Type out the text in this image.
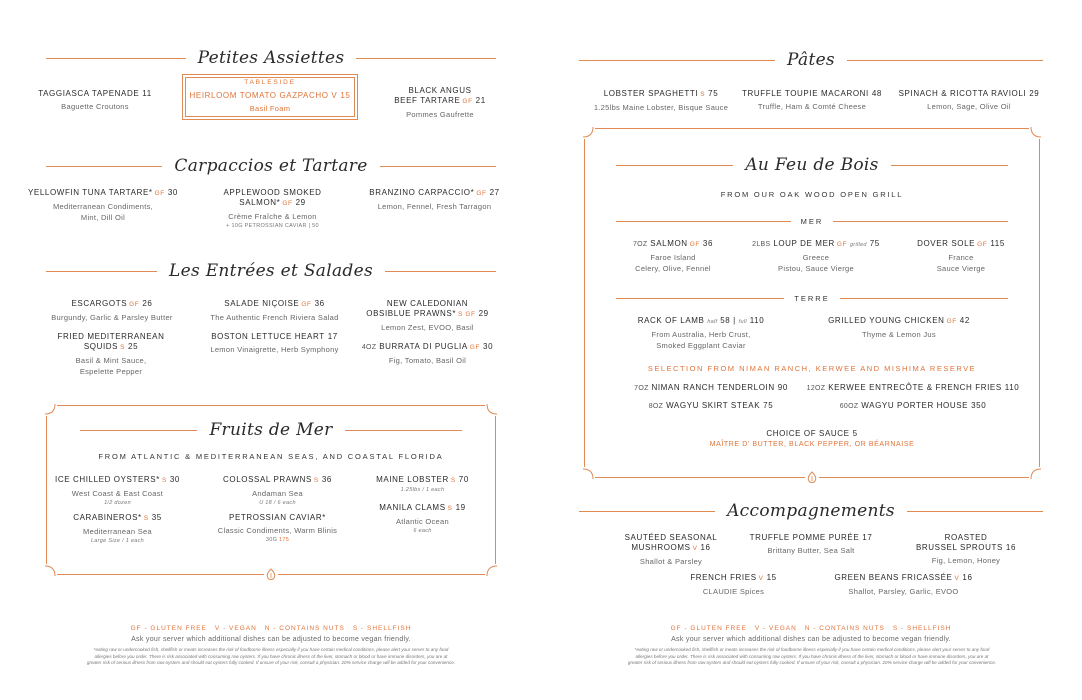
Petites Assiettes
TAGGIASCA TAPENADE 11
Baguette Croutons
TABLESIDE
HEIRLOOM TOMATO GAZPACHO V 15
Basil Foam
BLACK ANGUS
BEEF TARTARE GF 21
Pommes Gaufrette
Carpaccios et Tartare
YELLOWFIN TUNA TARTARE* GF 30
Mediterranean Condiments,
Mint, Dill Oil
APPLEWOOD SMOKED
SALMON* GF 29
Crème Fraîche & Lemon
+ 10G PETROSSIAN CAVIAR | 50
BRANZINO CARPACCIO* GF 27
Lemon, Fennel, Fresh Tarragon
Les Entrées et Salades
ESCARGOTS GF 26
Burgundy, Garlic & Parsley Butter
SALADE NIÇOISE GF 36
The Authentic French Riviera Salad
NEW CALEDONIAN
OBSIBLUE PRAWNS* S GF 29
Lemon Zest, EVOO, Basil
FRIED MEDITERRANEAN SQUIDS S 25
Basil & Mint Sauce,
Espelette Pepper
BOSTON LETTUCE HEART 17
Lemon Vinaigrette, Herb Symphony	4OZ BURRATA DI PUGLIA GF 30
Fig, Tomato, Basil Oil
Fruits de Mer
FROM ATLANTIC & MEDITERRANEAN SEAS, AND COASTAL FLORIDA
ICE CHILLED OYSTERS* S 30
West Coast & East Coast
1/2 dozen
COLOSSAL PRAWNS S 36
Andaman Sea
U 18 / 6 each
MAINE LOBSTER S 70
1.25lbs / 1 each
CARABINEROS* S 35
Mediterranean Sea
Large Size / 1 each
PETROSSIAN CAVIAR*
Classic Condiments, Warm Blinis
30G 175
MANILA CLAMS S 19
Atlantic Ocean
6 each
GF - GLUTEN FREE V - VEGAN N - CONTAINS NUTS S - SHELLFISH
Ask your server which additional dishes can be adjusted to become vegan friendly.
*eating raw or undercooked fish, shellfish or meats increases the risk of foodborne illness especially if you have certain medical conditions, please alert your server to any food
allergies before you order. There is risk associated with consuming raw oysters. If you have chronic illness of the liver, stomach or blood or have immune disorders, you are at
greater risk of serious illness from raw oysters and should eat oysters fully cooked. If unsure of your risk, consult a physician. 20% service charge will be added for your convenience.
Pâtes
LOBSTER SPAGHETTI S 75
1.25lbs Maine Lobster, Bisque Sauce
TRUFFLE TOUPIE MACARONI 48
Truffle, Ham & Comté Cheese
SPINACH & RICOTTA RAVIOLI 29
Lemon, Sage, Olive Oil
Au Feu de Bois
FROM OUR OAK WOOD OPEN GRILL
MER
7OZ SALMON GF 36
Faroe Island
Celery, Olive, Fennel
2LBS LOUP DE MER GF grilled 75
Greece
Pistou, Sauce Vierge
DOVER SOLE GF 115
France
Sauce Vierge
TERRE
RACK OF LAMB half 58 | full 110
From Australia, Herb Crust,
Smoked Eggplant Caviar
GRILLED YOUNG CHICKEN GF 42
Thyme & Lemon Jus
SELECTION FROM NIMAN RANCH, KERWEE AND MISHIMA RESERVE
7OZ NIMAN RANCH TENDERLOIN 90	12OZ KERWEE ENTRECÔTE & FRENCH FRIES 110
8OZ WAGYU SKIRT STEAK 75	60OZ WAGYU PORTER HOUSE 350
CHOICE OF SAUCE 5
MAÎTRE D' BUTTER, BLACK PEPPER, OR BÉARNAISE
Accompagnements
SAUTÉED SEASONAL
MUSHROOMS V 16
Shallot & Parsley
TRUFFLE POMME PURÉE 17
Brittany Butter, Sea Salt
ROASTED
BRUSSEL SPROUTS 16
Fig, Lemon, Honey
FRENCH FRIES V 15
CLAUDIE Spices
GREEN BEANS FRICASSÉE V 16
Shallot, Parsley, Garlic, EVOO
GF - GLUTEN FREE V - VEGAN N - CONTAINS NUTS S - SHELLFISH
Ask your server which additional dishes can be adjusted to become vegan friendly.
*eating raw or undercooked fish, shellfish or meats increases the risk of foodborne illness especially if you have certain medical conditions, please alert your server to any food
allergies before you order. There is risk associated with consuming raw oysters. If you have chronic illness of the liver, stomach or blood or have immune disorders, you are at
greater risk of serious illness from raw oysters and should eat oysters fully cooked. If unsure of your risk, consult a physician. 20% service charge will be added for your convenience.
